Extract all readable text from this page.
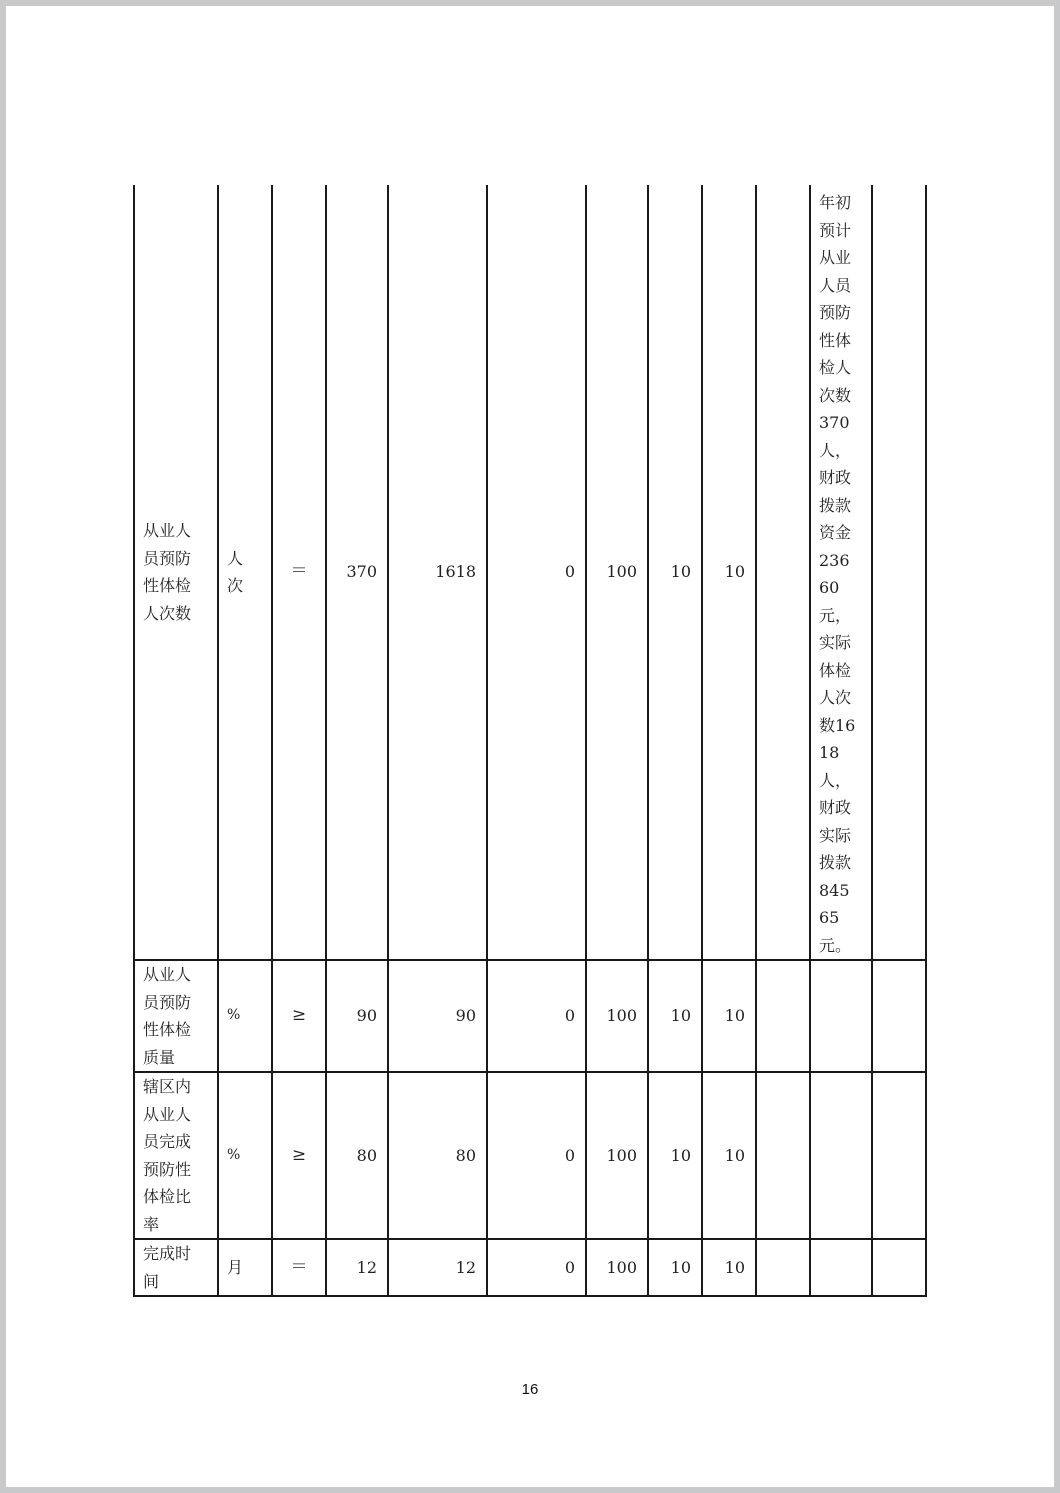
从业人员预防性体检人次数	人次	＝	370	1618	0	100	10	10		年初预计从业人员预防性体检人次数370人，财政拨款资金23660元，实际体检人次数1618人，财政实际拨款84565元。	

从业人员预防性体检质量	%	≥	90	90	0	100	10	10			

辖区内从业人员完成预防性体检比率	%	≥	80	80	0	100	10	10			

完成时间	月	＝	12	12	0	100	10	10			
16
